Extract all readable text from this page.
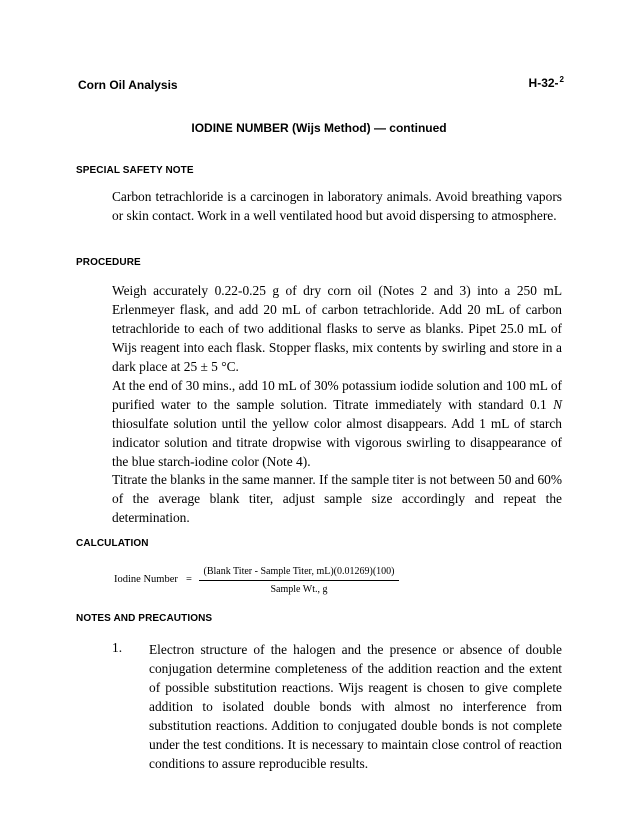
Corn Oil Analysis	H-32-$^2$
IODINE NUMBER (Wijs Method) — continued
SPECIAL SAFETY NOTE
Carbon tetrachloride is a carcinogen in laboratory animals. Avoid breathing vapors or skin contact. Work in a well ventilated hood but avoid dispersing to atmosphere.
PROCEDURE
Weigh accurately 0.22-0.25 g of dry corn oil (Notes 2 and 3) into a 250 mL Erlenmeyer flask, and add 20 mL of carbon tetrachloride. Add 20 mL of carbon tetrachloride to each of two additional flasks to serve as blanks. Pipet 25.0 mL of Wijs reagent into each flask. Stopper flasks, mix contents by swirling and store in a dark place at 25 ± 5 °C.
At the end of 30 mins., add 10 mL of 30% potassium iodide solution and 100 mL of purified water to the sample solution. Titrate immediately with standard 0.1 N thiosulfate solution until the yellow color almost disappears. Add 1 mL of starch indicator solution and titrate dropwise with vigorous swirling to disappearance of the blue starch-iodine color (Note 4).
Titrate the blanks in the same manner. If the sample titer is not between 50 and 60% of the average blank titer, adjust sample size accordingly and repeat the determination.
CALCULATION
Iodine Number =
(Blank Titer - Sample Titer, mL)(0.01269)(100)
Sample Wt., g
NOTES AND PRECAUTIONS
1. Electron structure of the halogen and the presence or absence of double conjugation determine completeness of the addition reaction and the extent of possible substitution reactions. Wijs reagent is chosen to give complete addition to isolated double bonds with almost no interference from substitution reactions. Addition to conjugated double bonds is not complete under the test conditions. It is necessary to maintain close control of reaction conditions to assure reproducible results.
